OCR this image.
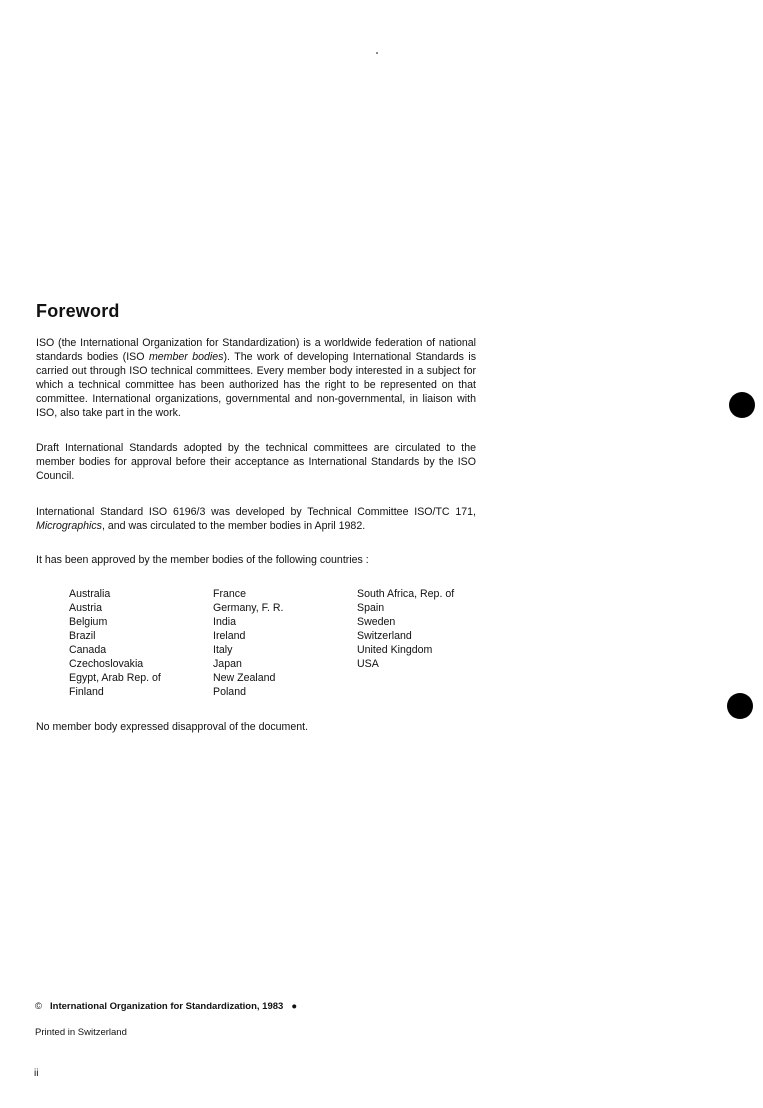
Foreword

ISO (the International Organization for Standardization) is a worldwide federation of national standards bodies (ISO member bodies). The work of developing International Standards is carried out through ISO technical committees. Every member body interested in a subject for which a technical committee has been authorized has the right to be represented on that committee. International organizations, governmental and non-governmental, in liaison with ISO, also take part in the work.

Draft International Standards adopted by the technical committees are circulated to the member bodies for approval before their acceptance as International Standards by the ISO Council.

International Standard ISO 6196/3 was developed by Technical Committee ISO/TC 171, Micrographics, and was circulated to the member bodies in April 1982.

It has been approved by the member bodies of the following countries :

Australia
Austria
Belgium
Brazil
Canada
Czechoslovakia
Egypt, Arab Rep. of
Finland
France
Germany, F. R.
India
Ireland
Italy
Japan
New Zealand
Poland
South Africa, Rep. of
Spain
Sweden
Switzerland
United Kingdom
USA

No member body expressed disapproval of the document.

© International Organization for Standardization, 1983 ●

Printed in Switzerland

ii
